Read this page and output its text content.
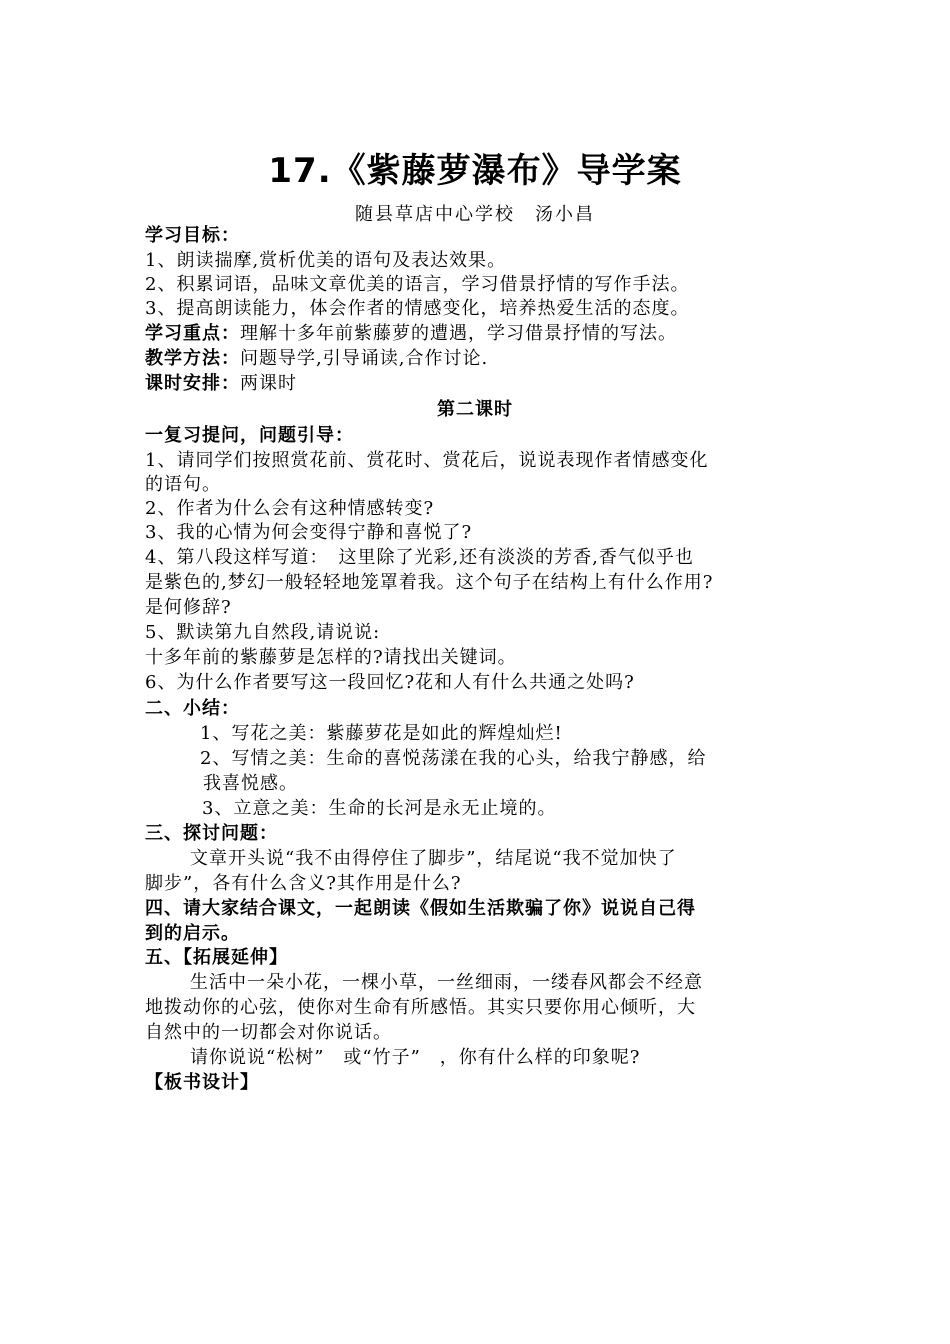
17.《紫藤萝瀑布》导学案
随县草店中心学校　汤小昌
学习目标：
1、朗读揣摩,赏析优美的语句及表达效果。
2、积累词语，品味文章优美的语言，学习借景抒情的写作手法。
3、提高朗读能力，体会作者的情感变化，培养热爱生活的态度。
学习重点：理解十多年前紫藤萝的遭遇，学习借景抒情的写法。
教学方法：问题导学,引导诵读,合作讨论.
课时安排：两课时
第二课时
一复习提问，问题引导：
1、请同学们按照赏花前、赏花时、赏花后，说说表现作者情感变化
的语句。
2、作者为什么会有这种情感转变?
3、我的心情为何会变得宁静和喜悦了?
4、第八段这样写道：　这里除了光彩,还有淡淡的芳香,香气似乎也
是紫色的,梦幻一般轻轻地笼罩着我。这个句子在结构上有什么作用?
是何修辞?
5、默读第九自然段,请说说:
十多年前的紫藤萝是怎样的?请找出关键词。
6、为什么作者要写这一段回忆?花和人有什么共通之处吗?
二、小结：
1、写花之美：紫藤萝花是如此的辉煌灿烂!
2、写情之美：生命的喜悦荡漾在我的心头，给我宁静感，给
我喜悦感。
3、立意之美：生命的长河是永无止境的。
三、探讨问题：
文章开头说“我不由得停住了脚步”，结尾说“我不觉加快了
脚步”，各有什么含义?其作用是什么?
四、请大家结合课文，一起朗读《假如生活欺骗了你》说说自己得
到的启示。
五、【拓展延伸】
生活中一朵小花，一棵小草，一丝细雨，一缕春风都会不经意
地拨动你的心弦，使你对生命有所感悟。其实只要你用心倾听，大
自然中的一切都会对你说话。
请你说说“松树”　或“竹子”　，你有什么样的印象呢?
【板书设计】
